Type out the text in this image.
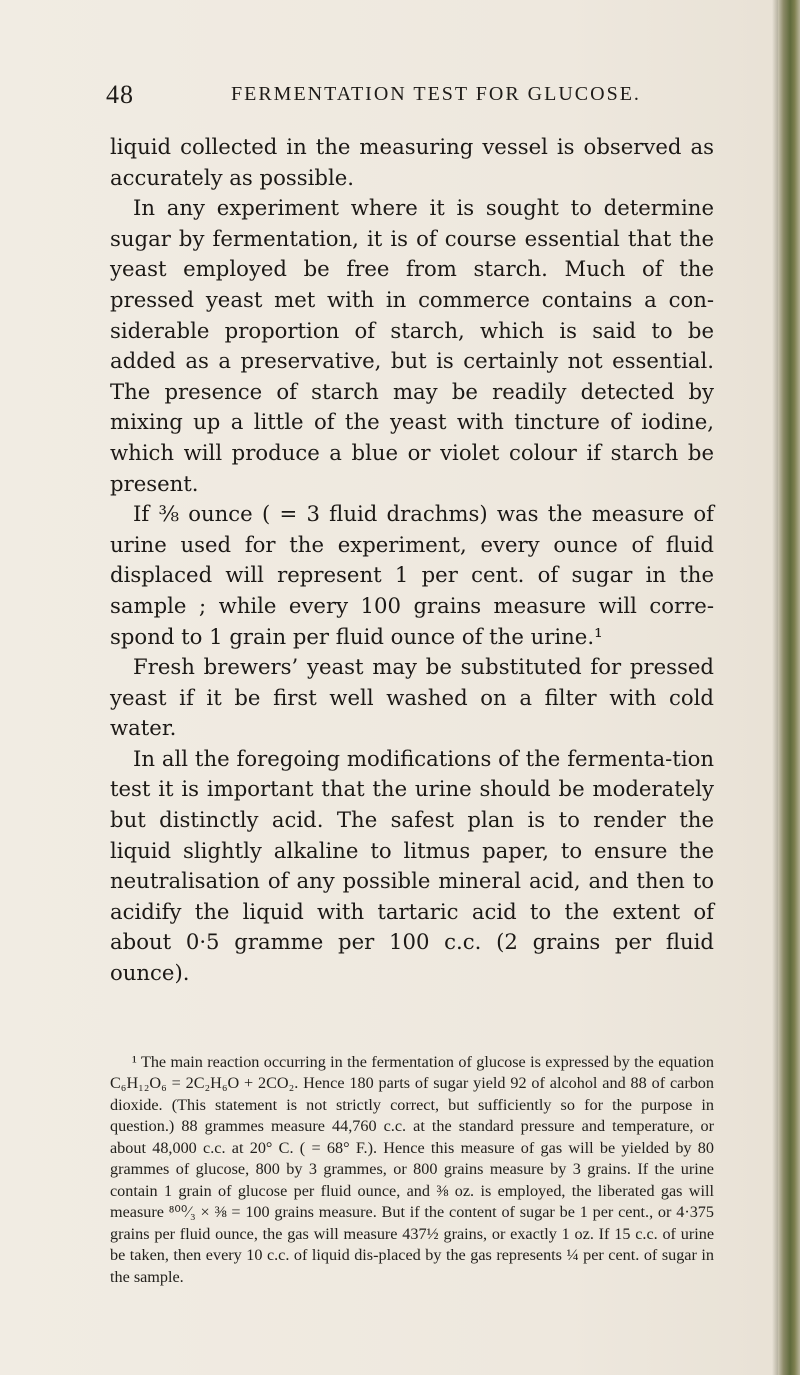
48	FERMENTATION TEST FOR GLUCOSE.

liquid collected in the measuring vessel is observed as accurately as possible.

In any experiment where it is sought to determine sugar by fermentation, it is of course essential that the yeast employed be free from starch. Much of the pressed yeast met with in commerce contains a con-siderable proportion of starch, which is said to be added as a preservative, but is certainly not essential. The presence of starch may be readily detected by mixing up a little of the yeast with tincture of iodine, which will produce a blue or violet colour if starch be present.

If ⅜ ounce ( = 3 fluid drachms) was the measure of urine used for the experiment, every ounce of fluid displaced will represent 1 per cent. of sugar in the sample ; while every 100 grains measure will corre-spond to 1 grain per fluid ounce of the urine.¹

Fresh brewers’ yeast may be substituted for pressed yeast if it be first well washed on a filter with cold water.

In all the foregoing modifications of the fermenta-tion test it is important that the urine should be moderately but distinctly acid. The safest plan is to render the liquid slightly alkaline to litmus paper, to ensure the neutralisation of any possible mineral acid, and then to acidify the liquid with tartaric acid to the extent of about 0·5 gramme per 100 c.c. (2 grains per fluid ounce).

¹ The main reaction occurring in the fermentation of glucose is expressed by the equation C₆H₁₂O₆ = 2C₂H₆O + 2CO₂. Hence 180 parts of sugar yield 92 of alcohol and 88 of carbon dioxide. (This statement is not strictly correct, but sufficiently so for the purpose in question.) 88 grammes measure 44,760 c.c. at the standard pressure and temperature, or about 48,000 c.c. at 20° C. ( = 68° F.). Hence this measure of gas will be yielded by 80 grammes of glucose, 800 by 3 grammes, or 800 grains measure by 3 grains. If the urine contain 1 grain of glucose per fluid ounce, and ⅜ oz. is employed, the liberated gas will measure ⁸⁰⁰⁄₃ × ⅜ = 100 grains measure. But if the content of sugar be 1 per cent., or 4·375 grains per fluid ounce, the gas will measure 437½ grains, or exactly 1 oz. If 15 c.c. of urine be taken, then every 10 c.c. of liquid dis-placed by the gas represents ¼ per cent. of sugar in the sample.
